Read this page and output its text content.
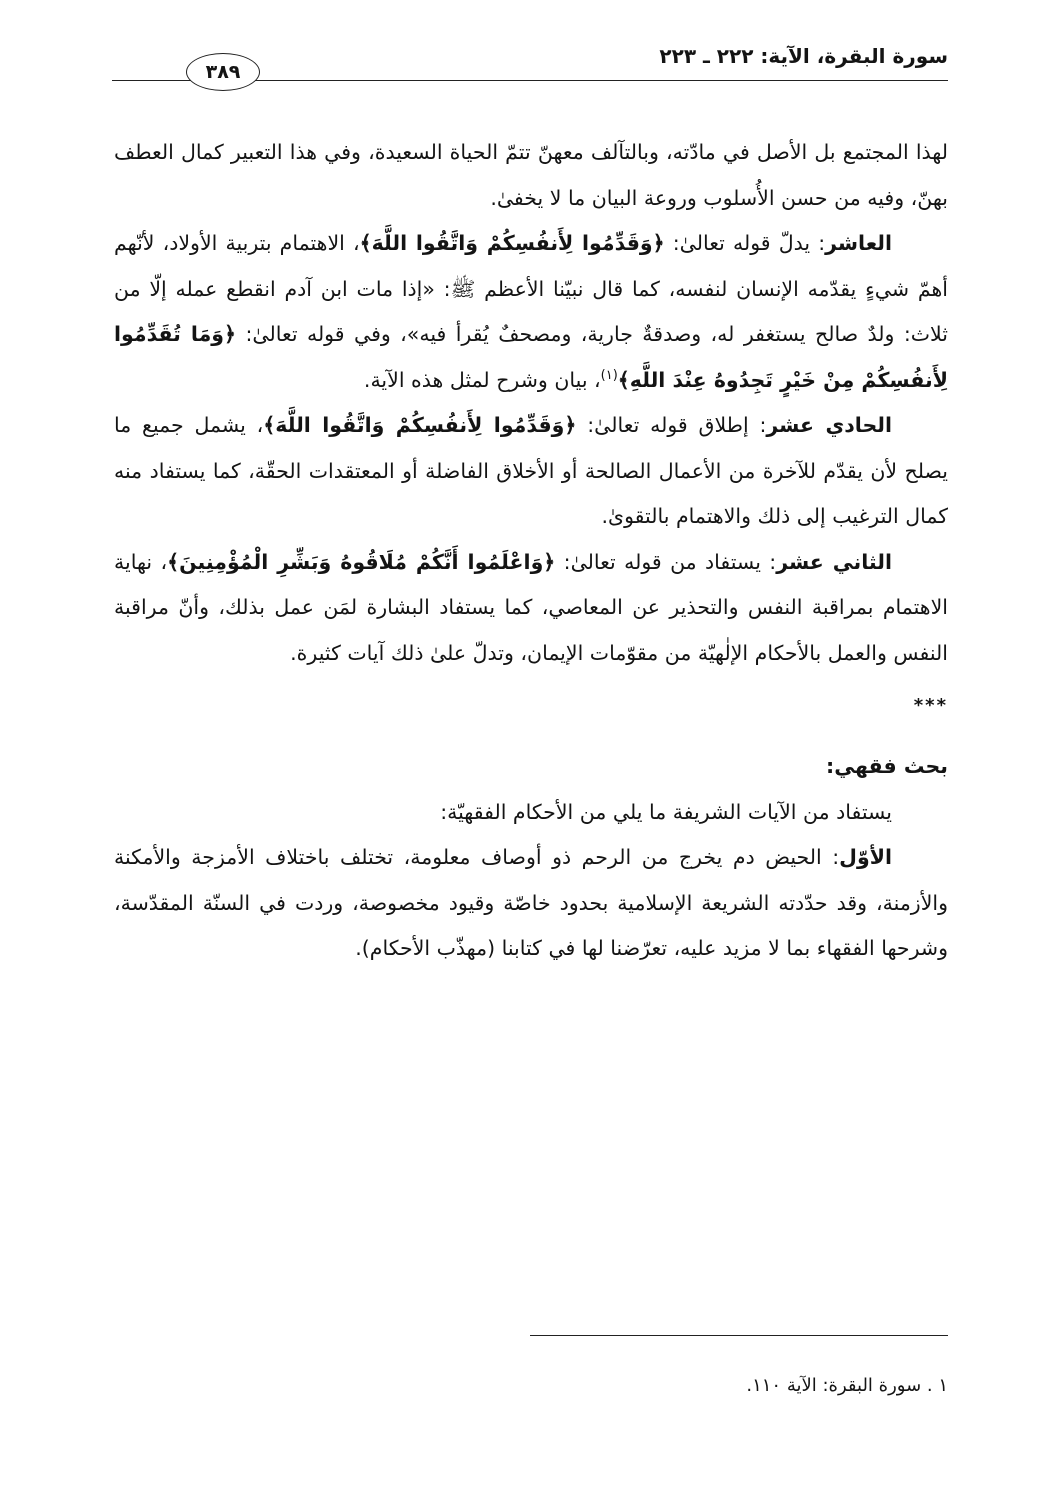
سورة البقرة، الآية: ٢٢٢ ـ ٢٢٣
٣٨٩

لهذا المجتمع بل الأصل في مادّته، وبالتآلف معهنّ تتمّ الحياة السعيدة، وفي هذا التعبير كمال العطف بهنّ، وفيه من حسن الأُسلوب وروعة البيان ما لا يخفىٰ.

العاشر: يدلّ قوله تعالىٰ: ﴿وَقَدِّمُوا لِأَنفُسِكُمْ وَاتَّقُوا اللَّهَ﴾، الاهتمام بتربية الأولاد، لأنّهم أهمّ شيءٍ يقدّمه الإنسان لنفسه، كما قال نبيّنا الأعظم ﷺ: «إذا مات ابن آدم انقطع عمله إلّا من ثلاث: ولدٌ صالح يستغفر له، وصدقةٌ جارية، ومصحفٌ يُقرأ فيه»، وفي قوله تعالىٰ: ﴿وَمَا تُقَدِّمُوا لِأَنفُسِكُمْ مِنْ خَيْرٍ تَجِدُوهُ عِنْدَ اللَّهِ﴾$^{(١)}$، بيان وشرح لمثل هذه الآية.

الحادي عشر: إطلاق قوله تعالىٰ: ﴿وَقَدِّمُوا لِأَنفُسِكُمْ وَاتَّقُوا اللَّهَ﴾، يشمل جميع ما يصلح لأن يقدّم للآخرة من الأعمال الصالحة أو الأخلاق الفاضلة أو المعتقدات الحقّة، كما يستفاد منه كمال الترغيب إلى ذلك والاهتمام بالتقوىٰ.

الثاني عشر: يستفاد من قوله تعالىٰ: ﴿وَاعْلَمُوا أَنَّكُمْ مُلَاقُوهُ وَبَشِّرِ الْمُؤْمِنِينَ﴾، نهاية الاهتمام بمراقبة النفس والتحذير عن المعاصي، كما يستفاد البشارة لمَن عمل بذلك، وأنّ مراقبة النفس والعمل بالأحكام الإلٰهيّة من مقوّمات الإيمان، وتدلّ علىٰ ذلك آيات كثيرة.

***

بحث فقهي:

يستفاد من الآيات الشريفة ما يلي من الأحكام الفقهيّة:

الأوّل: الحيض دم يخرج من الرحم ذو أوصاف معلومة، تختلف باختلاف الأمزجة والأمكنة والأزمنة، وقد حدّدته الشريعة الإسلامية بحدود خاصّة وقيود مخصوصة، وردت في السنّة المقدّسة، وشرحها الفقهاء بما لا مزيد عليه، تعرّضنا لها في كتابنا (مهذّب الأحكام).

١ . سورة البقرة: الآية ١١٠.
